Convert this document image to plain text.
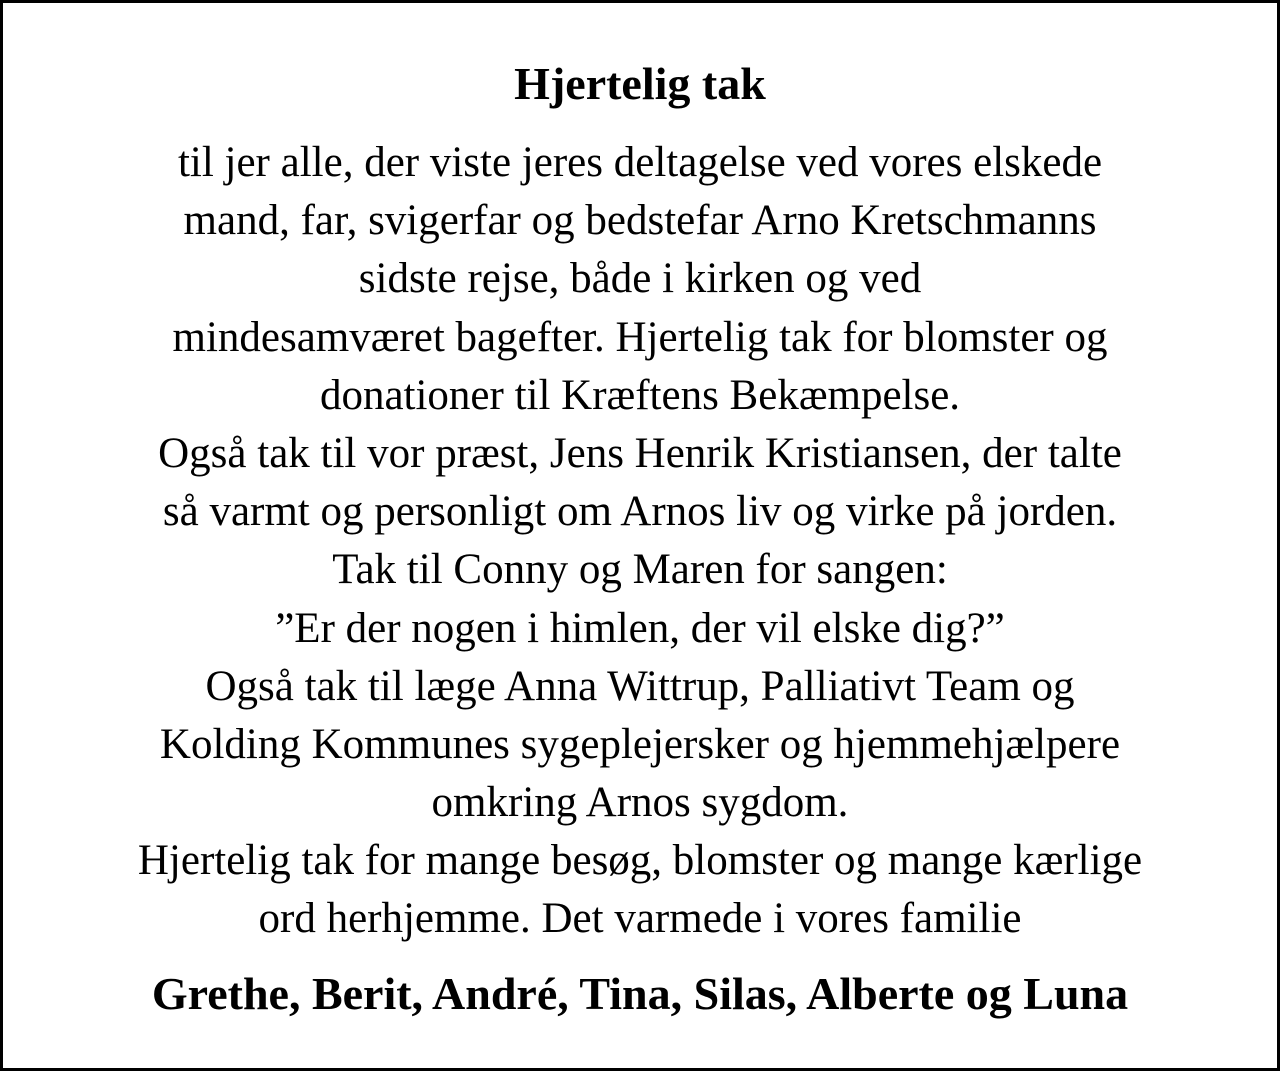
Hjertelig tak
til jer alle, der viste jeres deltagelse ved vores elskede
mand, far, svigerfar og bedstefar Arno Kretschmanns
sidste rejse, både i kirken og ved
mindesamværet bagefter. Hjertelig tak for blomster og
donationer til Kræftens Bekæmpelse.
Også tak til vor præst, Jens Henrik Kristiansen, der talte
så varmt og personligt om Arnos liv og virke på jorden.
Tak til Conny og Maren for sangen:
”Er der nogen i himlen, der vil elske dig?”
Også tak til læge Anna Wittrup, Palliativt Team og
Kolding Kommunes sygeplejersker og hjemmehjælpere
omkring Arnos sygdom.
Hjertelig tak for mange besøg, blomster og mange kærlige
ord herhjemme. Det varmede i vores familie

Grethe, Berit, André, Tina, Silas, Alberte og Luna
